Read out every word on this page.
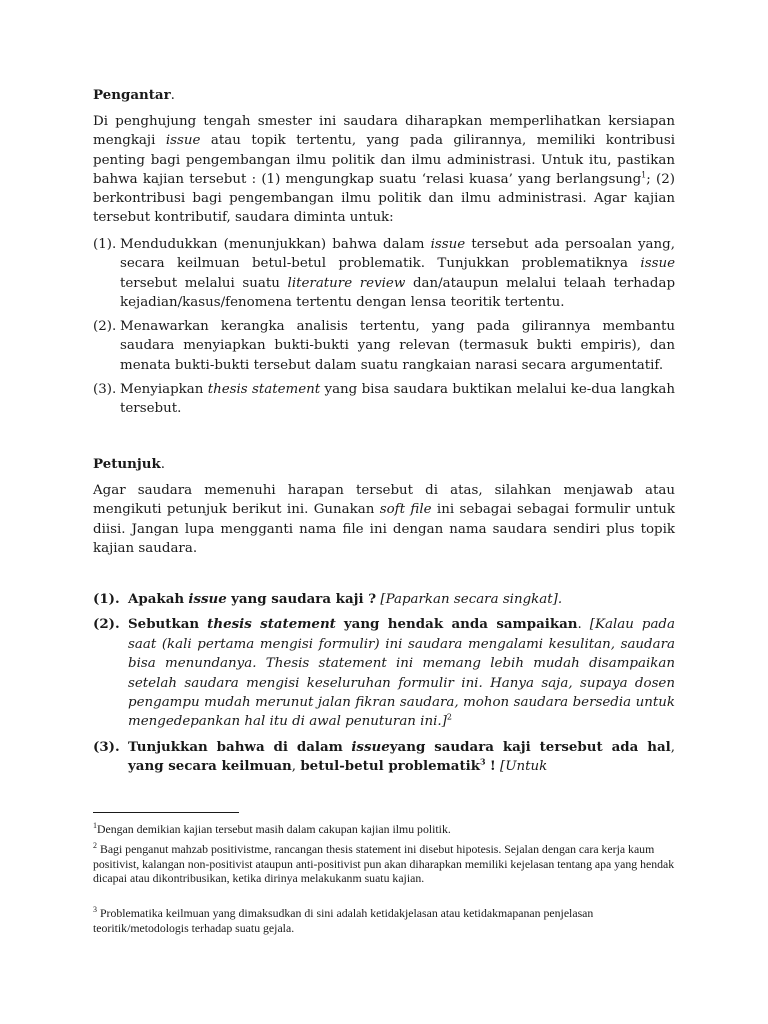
Pengantar.
Di penghujung tengah smester ini saudara diharapkan memperlihatkan kersiapan mengkaji issue atau topik tertentu, yang pada gilirannya, memiliki kontribusi penting bagi pengembangan ilmu politik dan ilmu administrasi. Untuk itu, pastikan bahwa kajian tersebut : (1) mengungkap suatu ‘relasi kuasa’ yang berlangsung$^1$; (2) berkontribusi bagi pengembangan ilmu politik dan ilmu administrasi. Agar kajian tersebut kontributif, saudara diminta untuk:
(1). Mendudukkan (menunjukkan) bahwa dalam issue tersebut ada persoalan yang, secara keilmuan betul-betul problematik. Tunjukkan problematiknya issue tersebut melalui suatu literature review dan/ataupun melalui telaah terhadap kejadian/kasus/fenomena tertentu dengan lensa teoritik tertentu.
(2). Menawarkan kerangka analisis tertentu, yang pada gilirannya membantu saudara menyiapkan bukti-bukti yang relevan (termasuk bukti empiris), dan menata bukti-bukti tersebut dalam suatu rangkaian narasi secara argumentatif.
(3). Menyiapkan thesis statement yang bisa saudara buktikan melalui ke-dua langkah tersebut.
Petunjuk.
Agar saudara memenuhi harapan tersebut di atas, silahkan menjawab atau mengikuti petunjuk berikut ini. Gunakan soft file ini sebagai sebagai formulir untuk diisi. Jangan lupa mengganti nama file ini dengan nama saudara sendiri plus topik kajian saudara.
(1). Apakah issue yang saudara kaji ? [Paparkan secara singkat].
(2). Sebutkan thesis statement yang hendak anda sampaikan. [Kalau pada saat (kali pertama mengisi formulir) ini saudara mengalami kesulitan, saudara bisa menundanya. Thesis statement ini memang lebih mudah disampaikan setelah saudara mengisi keseluruhan formulir ini. Hanya saja, supaya dosen pengampu mudah merunut jalan fikran saudara, mohon saudara bersedia untuk mengedepankan hal itu di awal penuturan ini.]$^2$
(3). Tunjukkan bahwa di dalam issueyang saudara kaji tersebut ada hal, yang secara keilmuan, betul-betul problematik$^3$ ! [Untuk
$^1$Dengan demikian kajian tersebut masih dalam cakupan kajian ilmu politik.
$^2$ Bagi penganut mahzab positivistme, rancangan thesis statement ini disebut hipotesis. Sejalan dengan cara kerja kaum positivist, kalangan non-positivist ataupun anti-positivist pun akan diharapkan memiliki kejelasan tentang apa yang hendak dicapai atau dikontribusikan, ketika dirinya melakukanm suatu kajian.
$^3$ Problematika keilmuan yang dimaksudkan di sini adalah ketidakjelasan atau ketidakmapanan penjelasan teoritik/metodologis terhadap suatu gejala.
